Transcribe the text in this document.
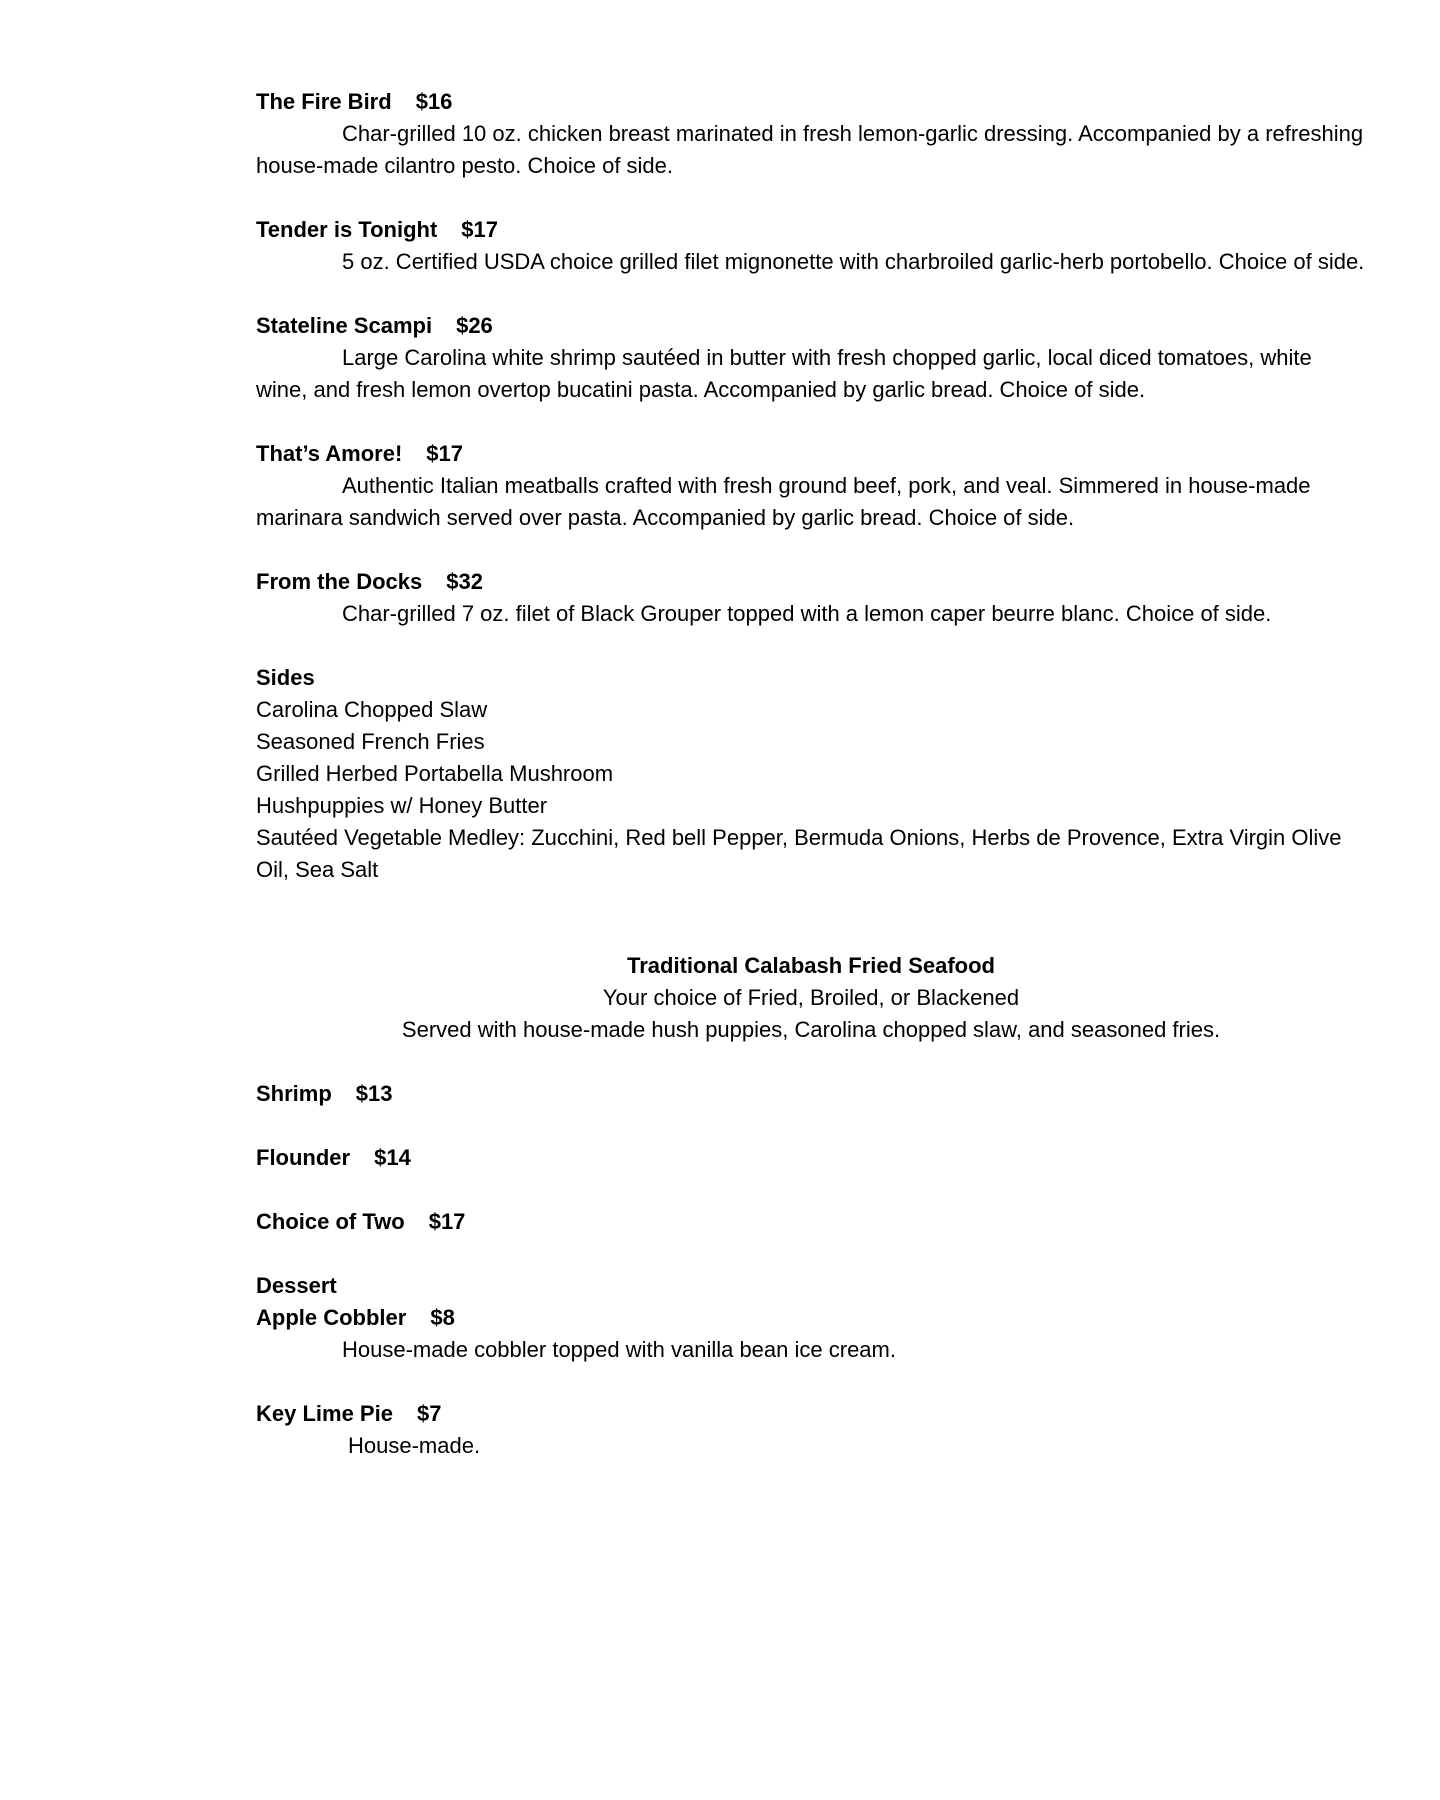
The Fire Bird $16

Char-grilled 10 oz. chicken breast marinated in fresh lemon-garlic dressing. Accompanied by a refreshing house-made cilantro pesto. Choice of side.

Tender is Tonight $17

5 oz. Certified USDA choice grilled filet mignonette with charbroiled garlic-herb portobello. Choice of side.

Stateline Scampi $26

Large Carolina white shrimp sautéed in butter with fresh chopped garlic, local diced tomatoes, white wine, and fresh lemon overtop bucatini pasta. Accompanied by garlic bread. Choice of side.

That’s Amore! $17

Authentic Italian meatballs crafted with fresh ground beef, pork, and veal. Simmered in house-made marinara sandwich served over pasta. Accompanied by garlic bread. Choice of side.

From the Docks $32

Char-grilled 7 oz. filet of Black Grouper topped with a lemon caper beurre blanc. Choice of side.

Sides
Carolina Chopped Slaw
Seasoned French Fries
Grilled Herbed Portabella Mushroom
Hushpuppies w/ Honey Butter
Sautéed Vegetable Medley: Zucchini, Red bell Pepper, Bermuda Onions, Herbs de Provence, Extra Virgin Olive Oil, Sea Salt
Traditional Calabash Fried Seafood
Your choice of Fried, Broiled, or Blackened
Served with house-made hush puppies, Carolina chopped slaw, and seasoned fries.
Shrimp $13
Flounder $14
Choice of Two $17
Dessert
Apple Cobbler $8

House-made cobbler topped with vanilla bean ice cream.

Key Lime Pie $7

House-made.
